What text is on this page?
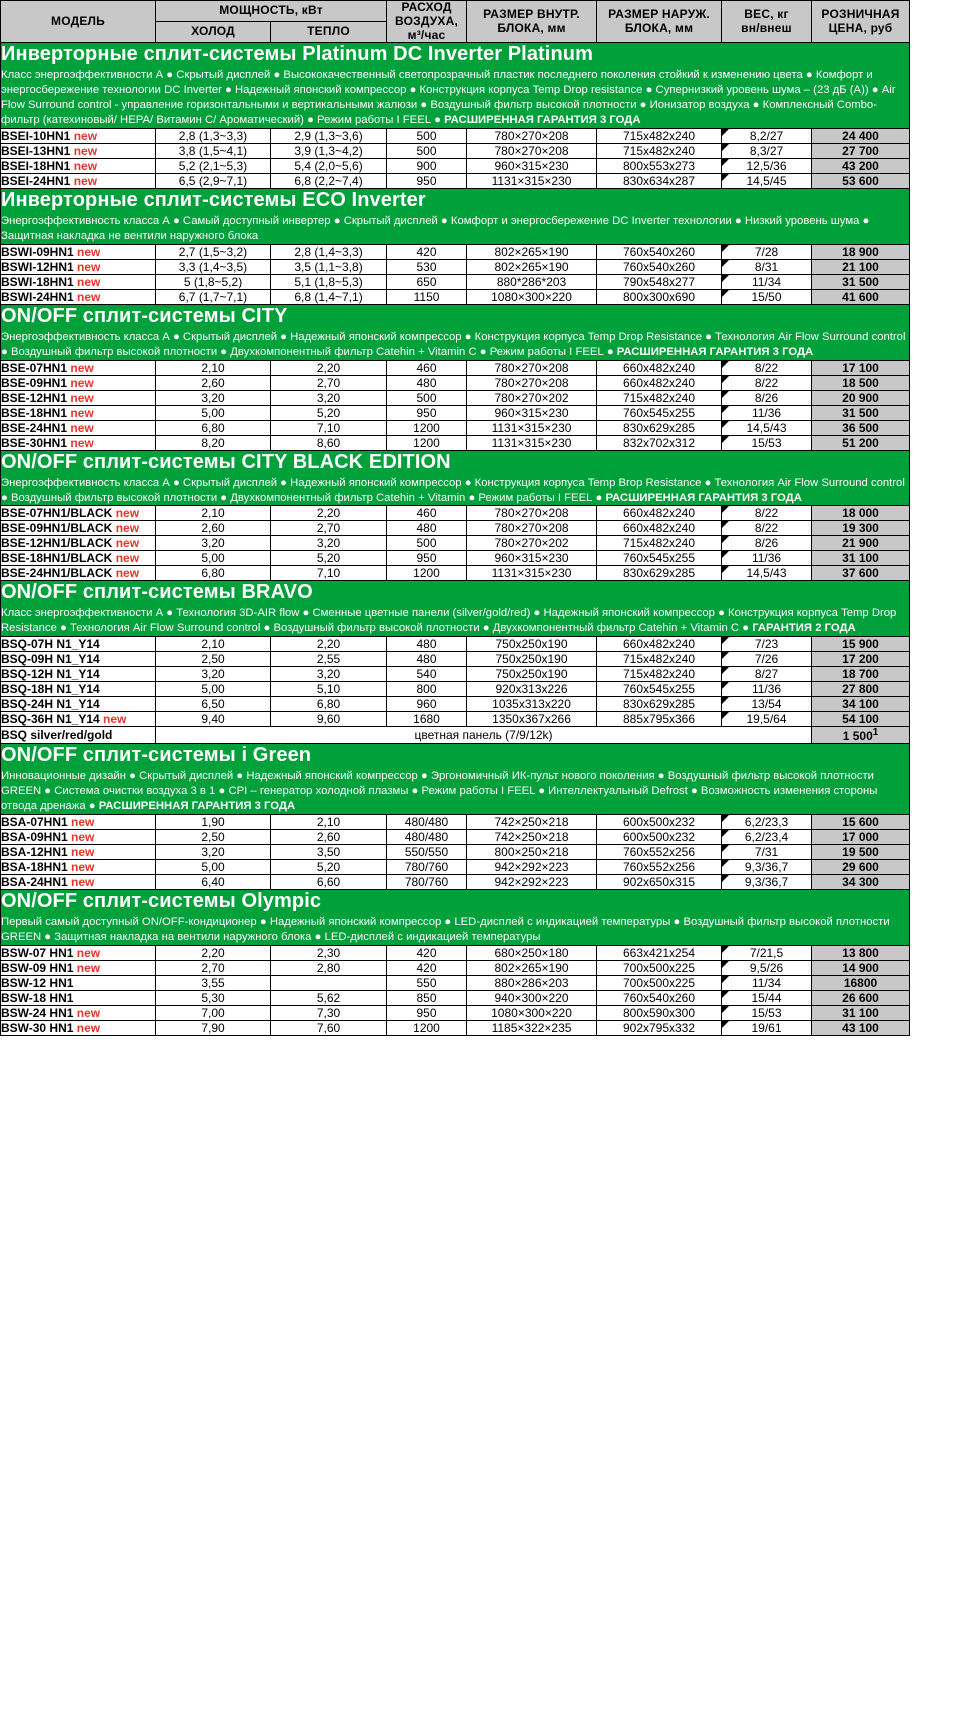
МОДЕЛЬ	МОЩНОСТЬ, кВт		РАСХОД
ВОЗДУХА,
м³/час	РАЗМЕР ВНУТР.
БЛОКА, мм	РАЗМЕР НАРУЖ.
БЛОКА, мм	ВЕС, кг
вн/внеш	РОЗНИЧНАЯ
ЦЕНА, руб
	ХОЛОД	ТЕПЛО					

Инверторные сплит-системы Platinum DC Inverter Platinum
Класс энергоэффективности А ● Скрытый дисплей ● Высококачественный светопрозрачный пластик последнего поколения стойкий к изменению цвета ● Комфорт и энергосбережение технологии DC Inverter ● Надежный японский компрессор ● Конструкция корпуса Temp Drop resistance ● Супернизкий уровень шума – (23 дБ (А)) ● Air Flow Surround control - управление горизонтальными и вертикальными жалюзи ● Воздушный фильтр высокой плотности ● Ионизатор воздуха ● Комплексный Combo-фильтр (катехиновый/ НЕРА/ Витамин С/ Ароматический) ● Режим работы I FEEL ● РАСШИРЕННАЯ ГАРАНТИЯ 3 ГОДА							

BSEI-10HN1 new	2,8 (1,3~3,3)	2,9 (1,3~3,6)	500	780×270×208	715x482x240	8,2/27	24 400
BSEI-13HN1 new	3,8 (1,5~4,1)	3,9 (1,3~4,2)	500	780×270×208	715x482x240	8,3/27	27 700
BSEI-18HN1 new	5,2 (2,1~5,3)	5,4 (2,0~5,6)	900	960×315×230	800x553x273	12,5/36	43 200
BSEI-24HN1 new	6,5 (2,9~7,1)	6,8 (2,2~7,4)	950	1131×315×230	830x634x287	14,5/45	53 600

Инверторные сплит-системы ECO Inverter
Энергоэффективность класса А ● Самый доступный инвертер ● Скрытый дисплей ● Комфорт и энергосбережение DC Inverter технологии ● Низкий уровень шума ● Защитная накладка не вентили наружного блока							

BSWI-09HN1 new	2,7 (1,5~3,2)	2,8 (1,4~3,3)	420	802×265×190	760x540x260	7/28	18 900
BSWI-12HN1 new	3,3 (1,4~3,5)	3,5 (1,1~3,8)	530	802×265×190	760x540x260	8/31	21 100
BSWI-18HN1 new	5 (1,8~5,2)	5,1 (1,8~5,3)	650	880*286*203	790x548x277	11/34	31 500
BSWI-24HN1 new	6,7 (1,7~7,1)	6,8 (1,4~7,1)	1150	1080×300×220	800x300x690	15/50	41 600

ON/OFF сплит-системы CITY
Энергоэффективность класса А ● Скрытый дисплей ● Надежный японский компрессор ● Конструкция корпуса Temp Drop Resistance ● Технология Air Flow Surround control ● Воздушный фильтр высокой плотности ● Двухкомпонентный фильтр Catehin + Vitamin C ● Режим работы I FEEL ● РАСШИРЕННАЯ ГАРАНТИЯ 3 ГОДА							

BSE-07HN1 new	2,10	2,20	460	780×270×208	660x482x240	8/22	17 100
BSE-09HN1 new	2,60	2,70	480	780×270×208	660x482x240	8/22	18 500
BSE-12HN1 new	3,20	3,20	500	780×270×202	715x482x240	8/26	20 900
BSE-18HN1 new	5,00	5,20	950	960×315×230	760x545x255	11/36	31 500
BSE-24HN1 new	6,80	7,10	1200	1131×315×230	830x629x285	14,5/43	36 500
BSE-30HN1 new	8,20	8,60	1200	1131×315×230	832x702x312	15/53	51 200

ON/OFF сплит-системы CITY BLACK EDITION
Энергоэффективность класса А ● Скрытый дисплей ● Надежный японский компрессор ● Конструкция корпуса Temp Вrop Resistance ● Технология Air Flow Surround control ● Воздушный фильтр высокой плотности ● Двухкомпонентный фильтр Catehin + Vitamin ● Режим работы I FEEL ● РАСШИРЕННАЯ ГАРАНТИЯ 3 ГОДА							

BSE-07HN1/BLACK new	2,10	2,20	460	780×270×208	660x482x240	8/22	18 000
BSE-09HN1/BLACK new	2,60	2,70	480	780×270×208	660x482x240	8/22	19 300
BSE-12HN1/BLACK new	3,20	3,20	500	780×270×202	715x482x240	8/26	21 900
BSE-18HN1/BLACK new	5,00	5,20	950	960×315×230	760x545x255	11/36	31 100
BSE-24HN1/BLACK new	6,80	7,10	1200	1131×315×230	830x629x285	14,5/43	37 600

ON/OFF сплит-системы BRAVO
Класс энергоэффективности А ● Технология 3D-AIR flow ● Сменные цветные панели (silver/gold/red) ● Надежный японский компрессор ● Конструкция корпуса Temp Drop Resistance ● Технология Air Flow Surround control ● Воздушный фильтр высокой плотности ● Двухкомпонентный фильтр Catehin + Vitamin C ● ГАРАНТИЯ 2 ГОДА							

BSQ-07H N1_Y14	2,10	2,20	480	750x250x190	660x482x240	7/23	15 900
BSQ-09H N1_Y14	2,50	2,55	480	750x250x190	715x482x240	7/26	17 200
BSQ-12H N1_Y14	3,20	3,20	540	750x250x190	715x482x240	8/27	18 700
BSQ-18H N1_Y14	5,00	5,10	800	920x313x226	760x545x255	11/36	27 800
BSQ-24H N1_Y14	6,50	6,80	960	1035x313x220	830x629x285	13/54	34 100
BSQ-36H N1_Y14 new	9,40	9,60	1680	1350x367x266	885x795x366	19,5/64	54 100
BSQ silver/red/gold	цветная панель (7/9/12k)						1 $500^1$

ON/OFF сплит-системы i Green
Инновационные дизайн ● Скрытый дисплей ● Надежный японский компрессор ● Эргономичный ИК-пульт нового поколения ● Воздушный фильтр высокой плотности GREEN ● Система очистки воздуха 3 в 1 ● CPI – генератор холодной плазмы ● Режим работы I FEEL ● Интеллектуальный Defrost ● Возможность изменения стороны отвода дренажа ● РАСШИРЕННАЯ ГАРАНТИЯ 3 ГОДА							

BSA-07HN1 new	1,90	2,10	480/480	742×250×218	600x500x232	6,2/23,3	15 600
BSA-09HN1 new	2,50	2,60	480/480	742×250×218	600x500x232	6,2/23,4	17 000
BSA-12HN1 new	3,20	3,50	550/550	800×250×218	760x552x256	7/31	19 500
BSA-18HN1 new	5,00	5,20	780/760	942×292×223	760x552x256	9,3/36,7	29 600
BSA-24HN1 new	6,40	6,60	780/760	942×292×223	902x650x315	9,3/36,7	34 300

ON/OFF сплит-системы Olympic
Первый самый доступный ON/OFF-кондиционер ● Надежный японский компрессор ● LED-дисплей с индикацией температуры ● Воздушный фильтр высокой плотности GREEN ● Защитная накладка на вентили наружного блока ● LED-дисплей с индикацией температуры							

BSW-07 HN1 new	2,20	2,30	420	680×250×180	663x421x254	7/21,5	13 800
BSW-09 HN1 new	2,70	2,80	420	802×265×190	700x500x225	9,5/26	14 900
BSW-12 HN1	3,55		550	880×286×203	700x500x225	11/34	16800
BSW-18 HN1	5,30	5,62	850	940×300×220	760x540x260	15/44	26 600
BSW-24 HN1 new	7,00	7,30	950	1080×300×220	800x590x300	15/53	31 100
BSW-30 HN1 new	7,90	7,60	1200	1185×322×235	902x795x332	19/61	43 100
